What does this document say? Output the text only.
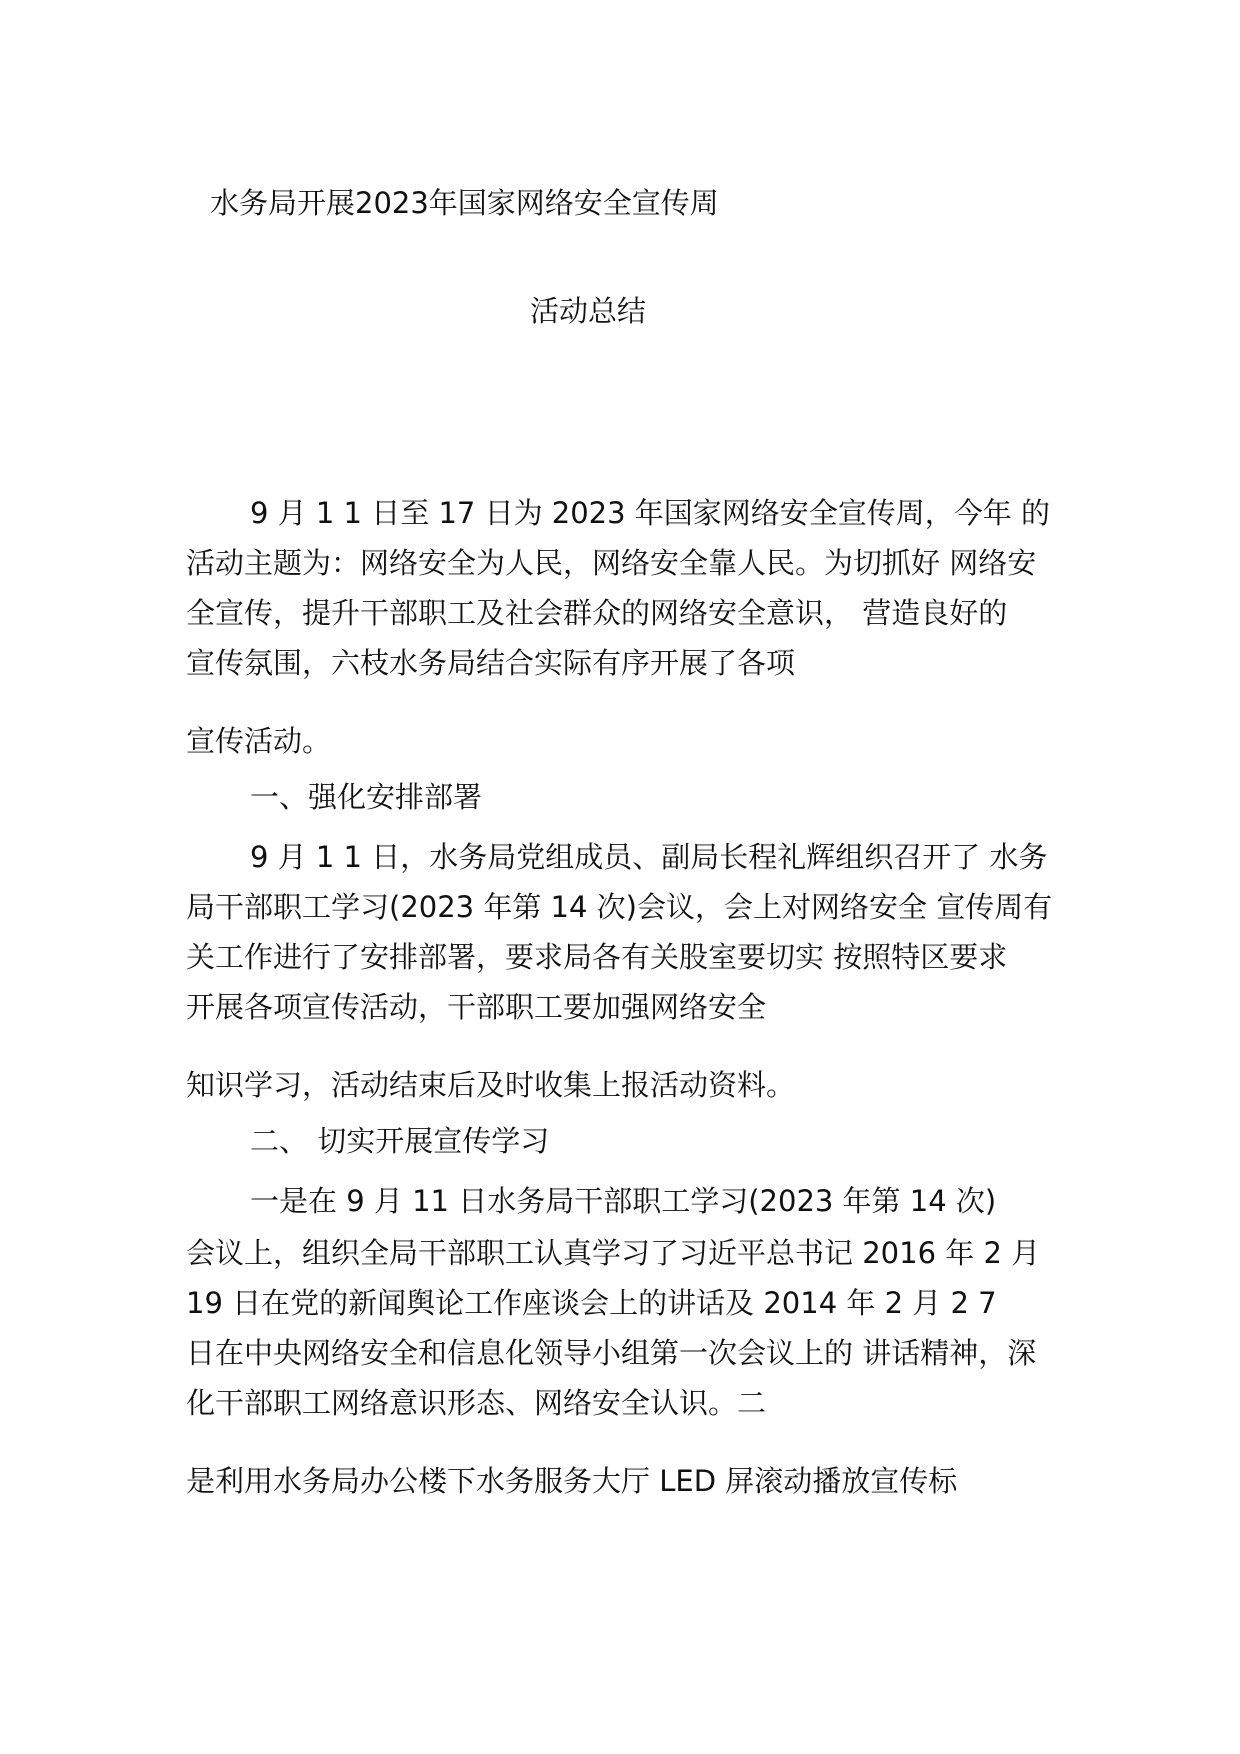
水务局开展2023年国家网络安全宣传周
活动总结
9 月 1 1 日至 17 日为 2023 年国家网络安全宣传周，今年 的
活动主题为：网络安全为人民，网络安全靠人民。为切抓好 网络安
全宣传，提升干部职工及社会群众的网络安全意识， 营造良好的
宣传氛围，六枝水务局结合实际有序开展了各项
宣传活动。
一、强化安排部署
9 月 1 1 日，水务局党组成员、副局长程礼辉组织召开了 水务
局干部职工学习(2023 年第 14 次)会议，会上对网络安全 宣传周有
关工作进行了安排部署，要求局各有关股室要切实 按照特区要求
开展各项宣传活动，干部职工要加强网络安全
知识学习，活动结束后及时收集上报活动资料。
二、 切实开展宣传学习
一是在 9 月 11 日水务局干部职工学习(2023 年第 14 次)
会议上，组织全局干部职工认真学习了习近平总书记 2016 年 2 月
19 日在党的新闻舆论工作座谈会上的讲话及 2014 年 2 月 2 7
日在中央网络安全和信息化领导小组第一次会议上的 讲话精神，深
化干部职工网络意识形态、网络安全认识。二
是利用水务局办公楼下水务服务大厅 LED 屏滚动播放宣传标
